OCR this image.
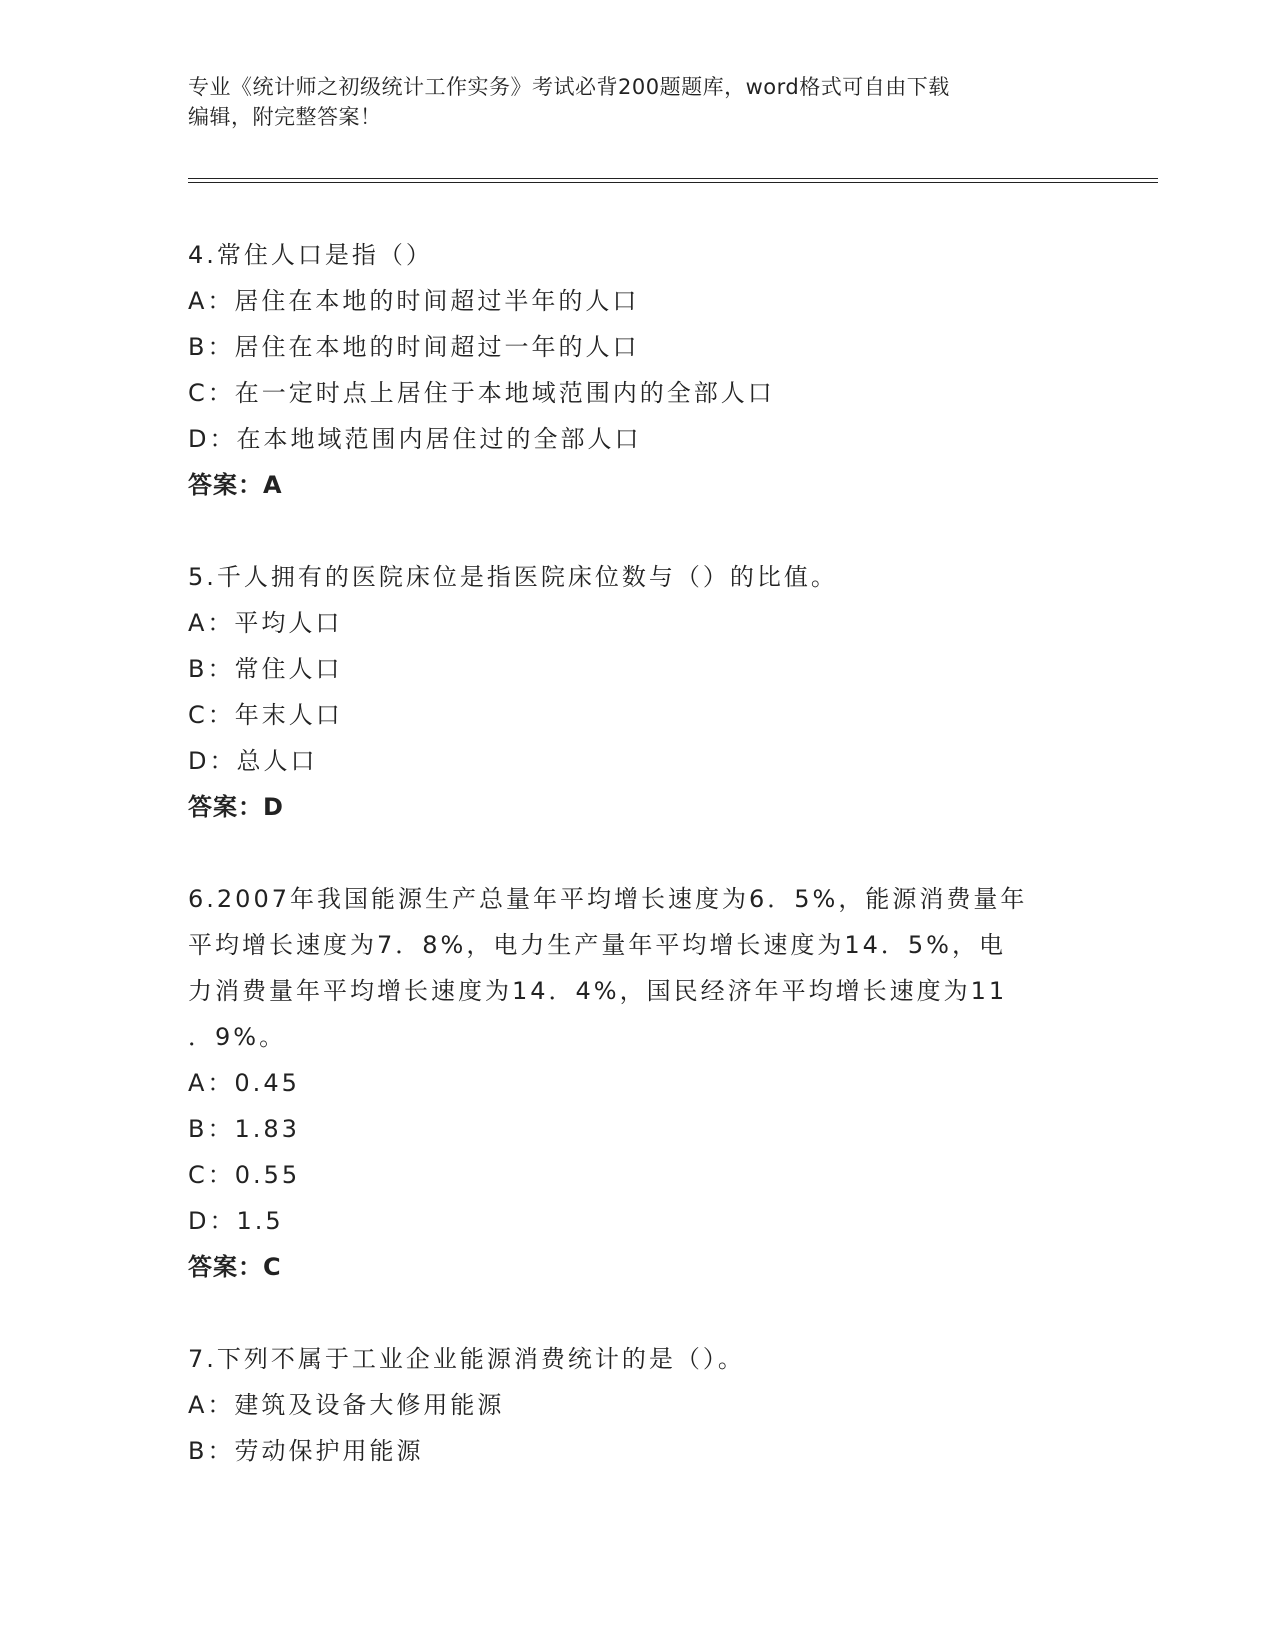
专业《统计师之初级统计工作实务》考试必背200题题库，word格式可自由下载
编辑，附完整答案！
4.常住人口是指（）
A：居住在本地的时间超过半年的人口
B：居住在本地的时间超过一年的人口
C：在一定时点上居住于本地域范围内的全部人口
D：在本地域范围内居住过的全部人口
答案：A
5.千人拥有的医院床位是指医院床位数与（）的比值。
A：平均人口
B：常住人口
C：年末人口
D：总人口
答案：D
6.2007年我国能源生产总量年平均增长速度为6．5%，能源消费量年
平均增长速度为7．8%，电力生产量年平均增长速度为14．5%，电
力消费量年平均增长速度为14．4%，国民经济年平均增长速度为11
．9%。
A：0.45
B：1.83
C：0.55
D：1.5
答案：C
7.下列不属于工业企业能源消费统计的是（）。
A：建筑及设备大修用能源
B：劳动保护用能源
